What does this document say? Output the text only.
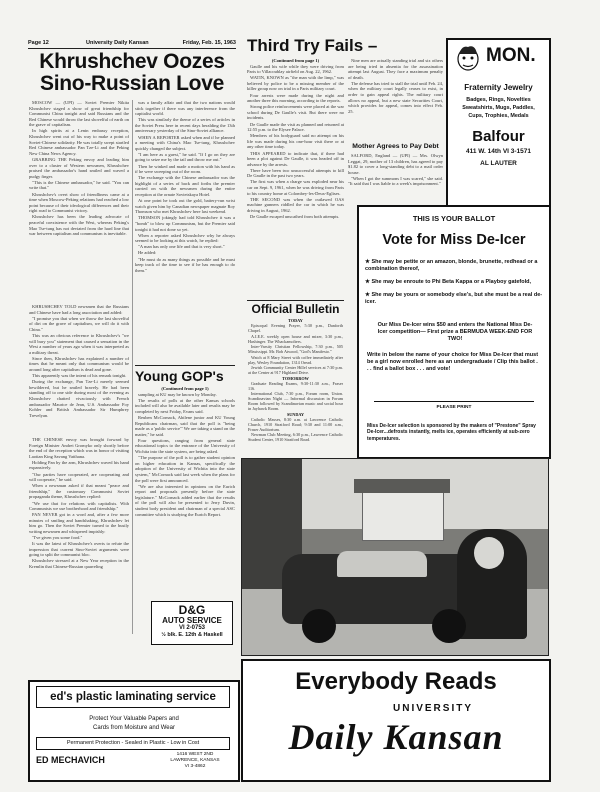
Page 12	University Daily Kansan	Friday, Feb. 15, 1963
Khrushchev Oozes Sino-Russian Love

MOSCOW — (UPI) — Soviet Premier Nikita Khrushchev staged a show of great friendship for Communist China tonight and said Russians and the Red Chinese would throw the last shovelful of earth on the grave of capitalism.

In high spirits at a Lenin embassy reception, Khrushchev went out of his way to make a point of Soviet-Chinese solidarity. He was totally swept startled Red Chinese ambassador Pan Tze-Li and the Peking New China News Agency.

GRABBING THE Peking envoy and leading him over to a cluster of Western newsmen, Khrushchev praised the ambassador's hand smiled and waved a pudgy finger.

"This is the Chinese ambassador," he said. "You can write that."

Khrushchev's overt show of friendliness came at a time when Moscow-Peking relations had reached a low point because of their ideological differences and their right road to Communist victory.

Khrushchev has been the leading advocate of peaceful coexistence with the West, whereas Peking's Mao Tse-tung has not deviated from the hard line that war between capitalism and communism is inevitable.

KHRUSHCHEV TOLD newsmen that the Russians and Chinese have had a long association and added:

"I promise you that when we throw the last shovelful of dirt on the grave of capitalism, we will do it with China."

This was an obvious reference to Khrushchev's "we will bury you" statement that caused a sensation in the West a number of years ago when it was interpreted as a military threat.

Since then, Khrushchev has explained a number of times that he meant only that communism would be around long after capitalism is dead and gone.

This apparently was the intent of his remark tonight.

During the exchange, Pan Tze-Li merely seemed bewildered, but he smiled bravely. He had been standing off to one side during most of the evening as Khrushchev chatted vivaciously with French ambassador Maurice de Jean, U.S. Ambassador Foy Kohler and British Ambassador Sir Humphrey Trevelyan.

THE CHINESE envoy was brought forward by Foreign Minister Andrei Gromyko only shortly before the end of the reception which was in honor of visiting Laotian King Savang Vatthana.

Holding Pan by the arm, Khrushchev waved his hand expansively.

"Our parties have cooperated, are cooperating and will cooperate," he said.

When a newsman asked if that meant "peace and friendship," the customary Communist Soviet propaganda theme, Khrushchev replied:

"We use that for relations with capitalists. With Communists we use brotherhood and friendship."

PAN NEVER got in a word and, after a few more minutes of smiling and handshaking, Khrushchev let him go. Then the Soviet Premier turned to the busily writing newsmen and whispered impishly:

"I've given you some food."

It was the latest of Khrushchev's overts to refute the impression that current Sino-Soviet arguments were going to split the communist bloc.

Khrushchev stressed at a New Year reception in the Kremlin that Chinese-Russian quarreling

was a family affair and that the two nations would stick together if there was any interference from the capitalist world.

This was similarly the theme of a series of articles in the Soviet Press here in recent days heralding the 13th anniversary yesterday of the Sino-Soviet alliance.

WHEN A REPORTER asked when and if he planned a meeting with China's Mao Tse-tung, Khrushchev quickly changed the subject.

"I am here as a guest," he said. "If I go on they are going to seize me by the tail and throw me out."

Then he winked and made a motion with his hand as if he were sweeping out of the room.

The exchange with the Chinese ambassador was the highlight of a series of back and forths the premier carried on with the newsmen during the entire reception at the ornate Sovietskaya Hotel.

At one point he took out the gold, battery-run wrist watch given him by Canadian newspaper magnate Roy Thomson who met Khrushchev here last weekend.

THOMSON jokingly had told Khrushchev it was a "bomb" to blow up Communism, but the Premier said tonight it had not done so yet.

When a reporter asked Khrushchev why he always seemed to be looking at this watch, he replied:

"A man has only one life and that is very short."

He added:

"He must do as many things as possible and he must keep track of the time to see if he has enough to do them."

Young GOP's
(Continued from page 1)

sampling at KU may be known by Monday.

The results of polls at the other Kansas schools included will also be available later and results may be completed by next Friday, Evans said.

Reuben McCornack, Abilene junior and KU Young Republicans chairman, said that the poll is "being made as a 'public service'" We are taking a stand on the matter," he said.

Four questions, ranging from general state educational topics to the entrance of the University of Wichita into the state system, are being asked.

"The purpose of the poll is to gather student opinion on higher education in Kansas, specifically the adoption of the University of Wichita into the state system," McCornack said last week when the plans for the poll were first announced.

"We are also interested in opinions on the Eurich report and proposals presently before the state legislature." McCornack added earlier that the results of the poll will also be presented to Jerry Duvin, student body president and chairman of a special ASC committee which is studying the Eurich Report.

D&G
AUTO SERVICE
VI 2-0753
½ blk. E. 12th & Haskell
ed's plastic laminating service
Protect Your Valuable Papers and
Cards from Moisture and Wear
Permanent Protection - Sealed in Plastic - Low in Cost
ED MECHAVICH
1416 WEST 2ND
LAWRENCE, KANSAS
VI 3-4862
Third Try Fails –
(Continued from page 1)

Gaulle and his wife while they were driving from Paris to Villacoublay airfield on Aug. 22, 1962.

WATIN, KNOWN as "the man with the limp," was believed by police to be a missing member of the killer group now on trial in a Paris military court.

Four arrests were made during the night and another three this morning, according to the reports.

Strong police reinforcements were placed at the war school during De Gaulle's visit. But there were no incidents.

De Gaulle made the visit as planned and returned at 12:55 p.m. to the Elysee Palace.

Members of his bodyguard said no attempt on his life was made during his one-hour visit there or at any other time today.

THIS APPEARED to indicate that, if there had been a plot against De Gaulle, it was headed off in advance by the arrests.

There have been two unsuccessful attempts to kill De Gaulle in the past two years.

The first was when a charge was exploded near his car on Sept. 9, 1961, when he was driving from Paris to his country home at Colombey-les-Deux-Eglises.

THE SECOND was when the outlawed OAS machine gunners riddled the car in which he was driving in August, 1962.

De Gaulle escaped unscathed from both attempts.

Nine men are actually standing trial and six others are being tried in absentia for the assassination attempt last August. They face a maximum penalty of death.

The defense has tried to stall the trial until Feb. 24, when the military court legally ceases to exist, in order to gain appeal rights. The military court allows no appeal, but a new state Securities Court, which provides for appeal, comes into effect Feb. 25.

Mother Agrees to Pay Debt

SALFORD, England — (UPI) — Mrs. Olwyn Leggat, 29, mother of 13 children, has agreed to pay $1.82 to cover a long-standing debt to a mail order house.

"When I got the summons I was scared," she said. "It said that I was liable to a week's imprisonment."

Official Bulletin
TODAY

Episcopal Evening Prayer, 5:30 p.m., Danforth Chapel.

A.I.E.E. weekly open house and mixer, 3:30 p.m., Hashinger. The Whackamolters.

Inter-Varsity Christian Fellowship, 7:30 p.m., 505 Mississippi. Mr. Bob Atwood, "God's Manifesto."

Watch at 8 Mary Street with coffee immediately after play, Wesley Foundation, 1314 Oread.

Jewish Community Center Hillel services at 7:30 p.m. at the Center at 917 Highland Drive.

TOMORROW

Graduate Reading Exams, 9:30-11:30 a.m., Fraser 116.

International Club, 7:30 p.m., Forum room, Union. Scandinavian Night — Informal discussion in Forum Room followed by Scandinavian music and social hour in Jayhawk Room.

SUNDAY

Catholic Masses, 8:30 a.m. at Lawrence Catholic Church, 1910 Stratford Road; 9:30 and 11:00 a.m., Fraser Auditorium.

Newman Club Meeting, 6:30 p.m., Lawrence Catholic Student Center, 1910 Stratford Road.

MON.
Fraternity Jewelry
Badges, Rings, Novelties
Sweatshirts, Mugs, Paddles,
Cups, Trophies, Medals
Balfour
411 W. 14th VI 3-1571
AL LAUTER
THIS IS YOUR BALLOT
Vote for Miss De-Icer
★ She may be petite or an amazon, blonde, brunette, redhead or a combination thereof,
★ She may be enroute to Phi Beta Kappa or a Playboy gatefold,
★ She may be yours or somebody else's, but she must be a real de-icer.
Our Miss De-Icer wins $50 and enters the National Miss De-Icer competition— First prize a BERMUDA WEEK-END FOR TWO!
Write in below the name of your choice for Miss De-Icer that must be a girl now enrolled here as an undergraduate / Clip this ballot . . . find a ballot box . . . and vote!
PLEASE PRINT
Miss De-Icer selection is sponsored by the makers of "Prestone" Spray De-Icer...defrosts instantly, melts ice, operates efficiently at sub-zero temperatures.
Everybody Reads
UNIVERSITY
Daily Kansan
